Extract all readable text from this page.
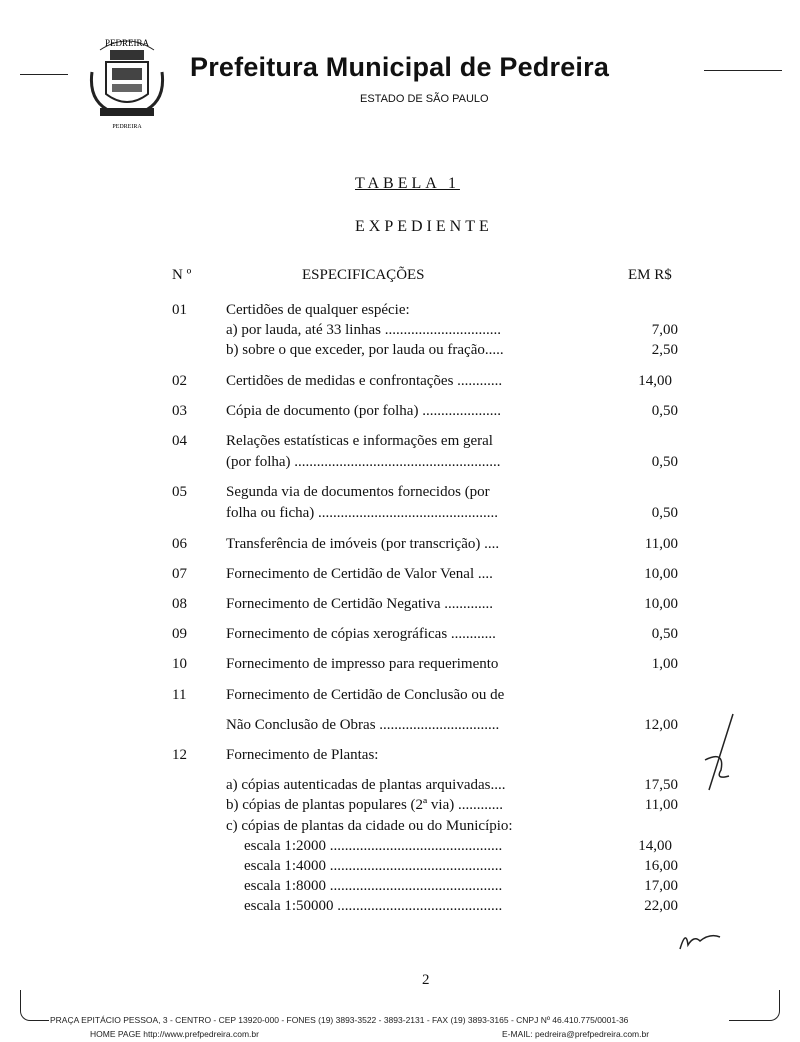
PEDREIRA
PEDREIRA
Prefeitura Municipal de Pedreira
ESTADO DE SÃO PAULO
TABELA 1
EXPEDIENTE
N º	ESPECIFICAÇÕES	EM R$
01	Certidões de qualquer espécie:
a) por lauda, até 33 linhas ...............................	7,00
b) sobre o que exceder, por lauda ou fração.....	2,50
02	Certidões de medidas e confrontações ............	14,00
03	Cópia de documento (por folha) .....................	0,50
04	Relações estatísticas e informações em geral
(por folha) .......................................................	0,50
05	Segunda via de documentos fornecidos (por
folha ou ficha) ................................................	0,50
06	Transferência de imóveis (por transcrição) ....	11,00
07	Fornecimento de Certidão de Valor Venal ....	10,00
08	Fornecimento de Certidão Negativa .............	10,00
09	Fornecimento de cópias xerográficas ............	0,50
10	Fornecimento de impresso para requerimento	1,00
11	Fornecimento de Certidão de Conclusão ou de
Não Conclusão de Obras ................................	12,00
12	Fornecimento de Plantas:
a) cópias autenticadas de plantas arquivadas....	17,50
b) cópias de plantas populares (2ª via) ............	11,00
c) cópias de plantas da cidade ou do Município:
escala 1:2000 ..............................................	14,00
escala 1:4000 ..............................................	16,00
escala 1:8000 ..............................................	17,00
escala 1:50000 ............................................	22,00
2
PRAÇA EPITÁCIO PESSOA, 3 - CENTRO - CEP 13920-000 - FONES (19) 3893-3522 - 3893-2131 - FAX (19) 3893-3165 - CNPJ Nº 46.410.775/0001-36
HOME PAGE http://www.prefpedreira.com.br	E-MAIL: pedreira@prefpedreira.com.br
